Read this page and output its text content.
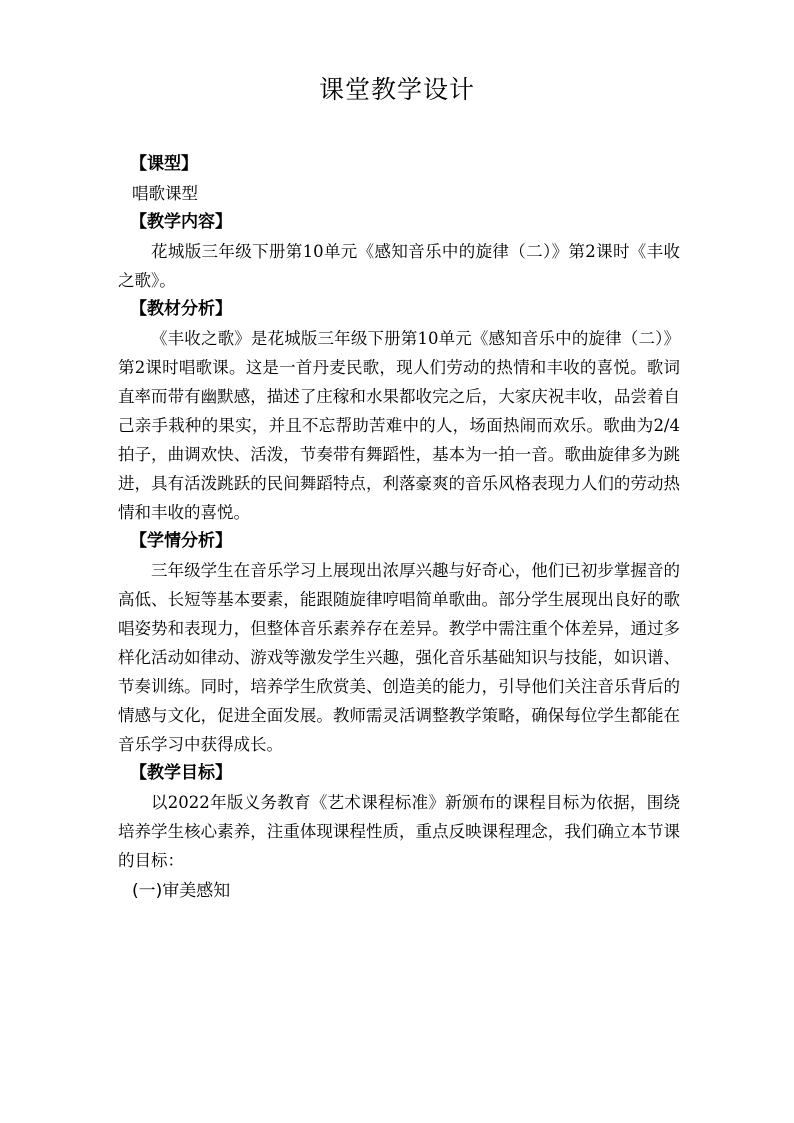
课堂教学设计
【课型】

唱歌课型

【教学内容】

花城版三年级下册第10单元《感知音乐中的旋律（二）》第2课时《丰收之歌》。

【教材分析】

《丰收之歌》是花城版三年级下册第10单元《感知音乐中的旋律（二）》第2课时唱歌课。这是一首丹麦民歌，现人们劳动的热情和丰收的喜悦。歌词直率而带有幽默感，描述了庄稼和水果都收完之后，大家庆祝丰收，品尝着自己亲手栽种的果实，并且不忘帮助苦难中的人，场面热闹而欢乐。歌曲为2/4拍子，曲调欢快、活泼，节奏带有舞蹈性，基本为一拍一音。歌曲旋律多为跳进，具有活泼跳跃的民间舞蹈特点，利落豪爽的音乐风格表现力人们的劳动热情和丰收的喜悦。

【学情分析】

三年级学生在音乐学习上展现出浓厚兴趣与好奇心，他们已初步掌握音的高低、长短等基本要素，能跟随旋律哼唱简单歌曲。部分学生展现出良好的歌唱姿势和表现力，但整体音乐素养存在差异。教学中需注重个体差异，通过多样化活动如律动、游戏等激发学生兴趣，强化音乐基础知识与技能，如识谱、节奏训练。同时，培养学生欣赏美、创造美的能力，引导他们关注音乐背后的情感与文化，促进全面发展。教师需灵活调整教学策略，确保每位学生都能在音乐学习中获得成长。

【教学目标】

以2022年版义务教育《艺术课程标准》新颁布的课程目标为依据，围绕培养学生核心素养，注重体现课程性质，重点反映课程理念，我们确立本节课的目标：

(一)审美感知
